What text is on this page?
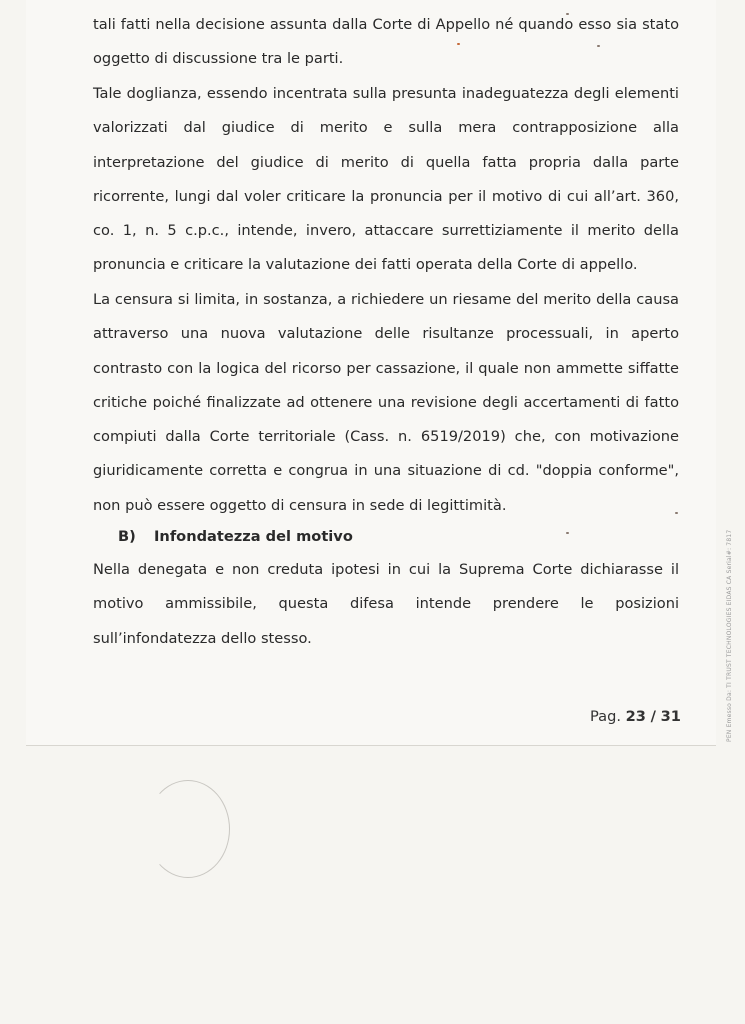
tali fatti nella decisione assunta dalla Corte di Appello né quando esso sia stato oggetto di discussione tra le parti.

Tale doglianza, essendo incentrata sulla presunta inadeguatezza degli elementi valorizzati dal giudice di merito e sulla mera contrapposizione alla interpretazione del giudice di merito di quella fatta propria dalla parte ricorrente, lungi dal voler criticare la pronuncia per il motivo di cui all’art. 360, co. 1, n. 5 c.p.c., intende, invero, attaccare surrettiziamente il merito della pronuncia e criticare la valutazione dei fatti operata della Corte di appello.

La censura si limita, in sostanza, a richiedere un riesame del merito della causa attraverso una nuova valutazione delle risultanze processuali, in aperto contrasto con la logica del ricorso per cassazione, il quale non ammette siffatte critiche poiché finalizzate ad ottenere una revisione degli accertamenti di fatto compiuti dalla Corte territoriale (Cass. n. 6519/2019) che, con motivazione giuridicamente corretta e congrua in una situazione di cd. "doppia conforme", non può essere oggetto di censura in sede di legittimità.

B) Infondatezza del motivo

Nella denegata e non creduta ipotesi in cui la Suprema Corte dichiarasse il motivo ammissibile, questa difesa intende prendere le posizioni sull’infondatezza dello stesso.

Pag. 23 / 31	PEN Emesso Da: TI TRUST TECHNOLOGIES EIDAS CA Serial#: 7817
